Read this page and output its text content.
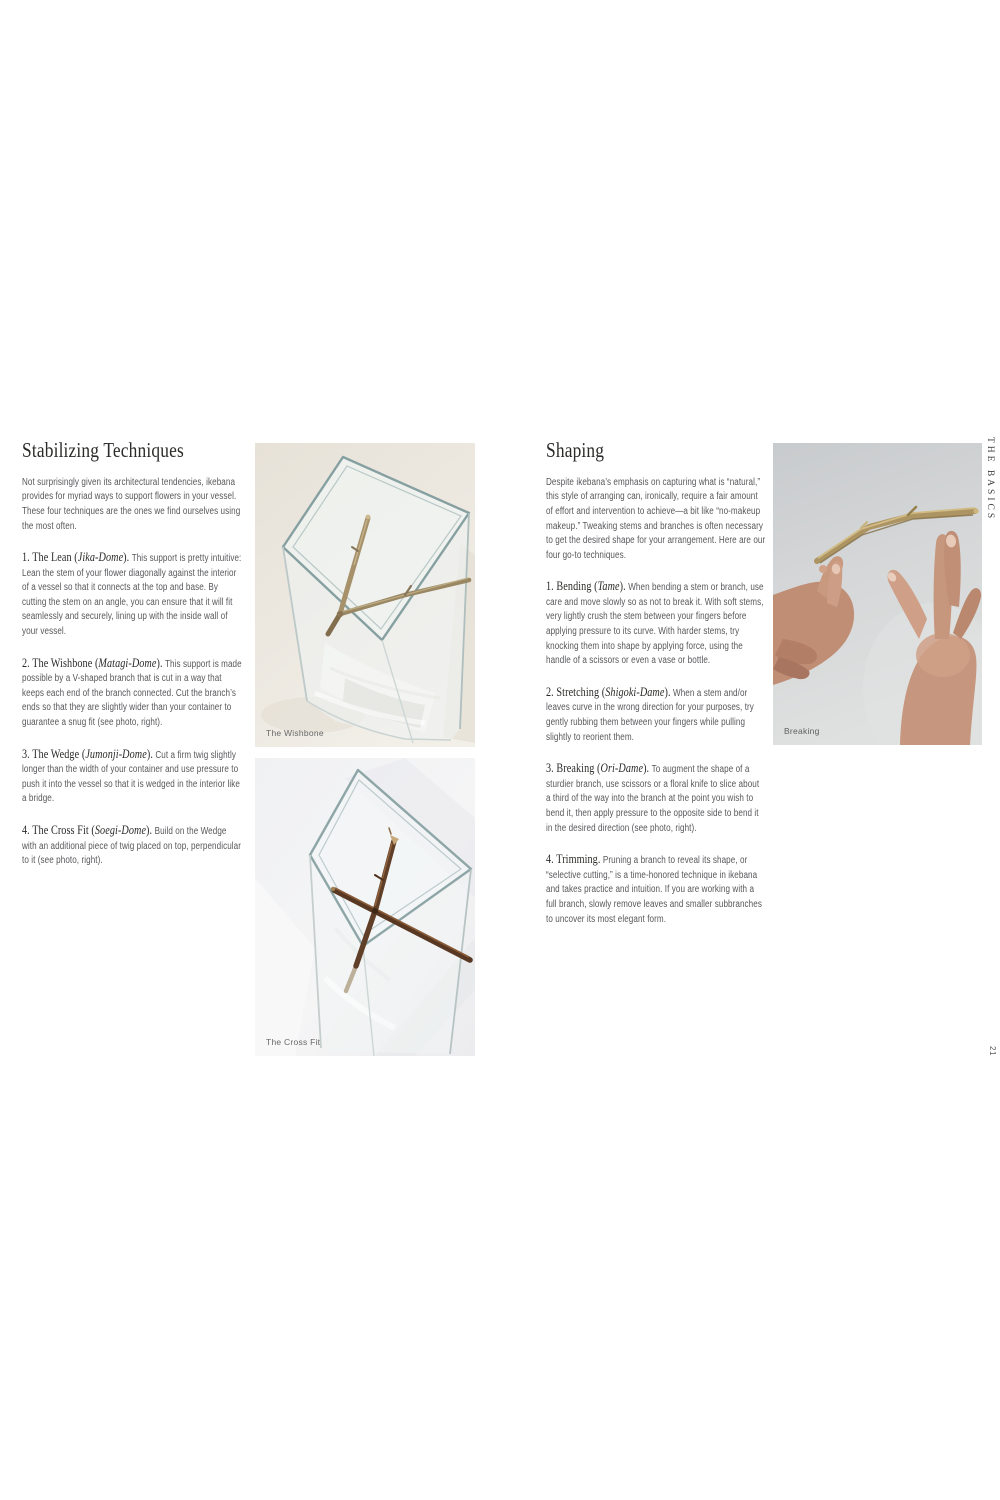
Stabilizing Techniques

Not surprisingly given its architectural tendencies, ikebana provides for myriad ways to support flowers in your vessel. These four techniques are the ones we find ourselves using the most often.

1. The Lean (Jika-Dome). This support is pretty intuitive: Lean the stem of your flower diagonally against the interior of a vessel so that it connects at the top and base. By cutting the stem on an angle, you can ensure that it will fit seamlessly and securely, lining up with the inside wall of your vessel.
2. The Wishbone (Matagi-Dome). This support is made possible by a V-shaped branch that is cut in a way that keeps each end of the branch connected. Cut the branch’s ends so that they are slightly wider than your container to guarantee a snug fit (see photo, right).
3. The Wedge (Jumonji-Dome). Cut a firm twig slightly longer than the width of your container and use pressure to push it into the vessel so that it is wedged in the interior like a bridge.
4. The Cross Fit (Soegi-Dome). Build on the Wedge with an additional piece of twig placed on top, perpendicular to it (see photo, right).
Shaping

Despite ikebana’s emphasis on capturing what is “natural,” this style of arranging can, ironically, require a fair amount of effort and intervention to achieve—a bit like “no-makeup makeup.” Tweaking stems and branches is often necessary to get the desired shape for your arrangement. Here are our four go-to techniques.

1. Bending (Tame). When bending a stem or branch, use care and move slowly so as not to break it. With soft stems, very lightly crush the stem between your fingers before applying pressure to its curve. With harder stems, try knocking them into shape by applying force, using the handle of a scissors or even a vase or bottle.
2. Stretching (Shigoki-Dame). When a stem and/or leaves curve in the wrong direction for your purposes, try gently rubbing them between your fingers while pulling slightly to reorient them.
3. Breaking (Ori-Dame). To augment the shape of a sturdier branch, use scissors or a floral knife to slice about a third of the way into the branch at the point you wish to bend it, then apply pressure to the opposite side to bend it in the desired direction (see photo, right).
4. Trimming. Pruning a branch to reveal its shape, or “selective cutting,” is a time-honored technique in ikebana and takes practice and intuition. If you are working with a full branch, slowly remove leaves and smaller subbranches to uncover its most elegant form.
The Wishbone
The Cross Fit
Breaking
THE BASICS
21
